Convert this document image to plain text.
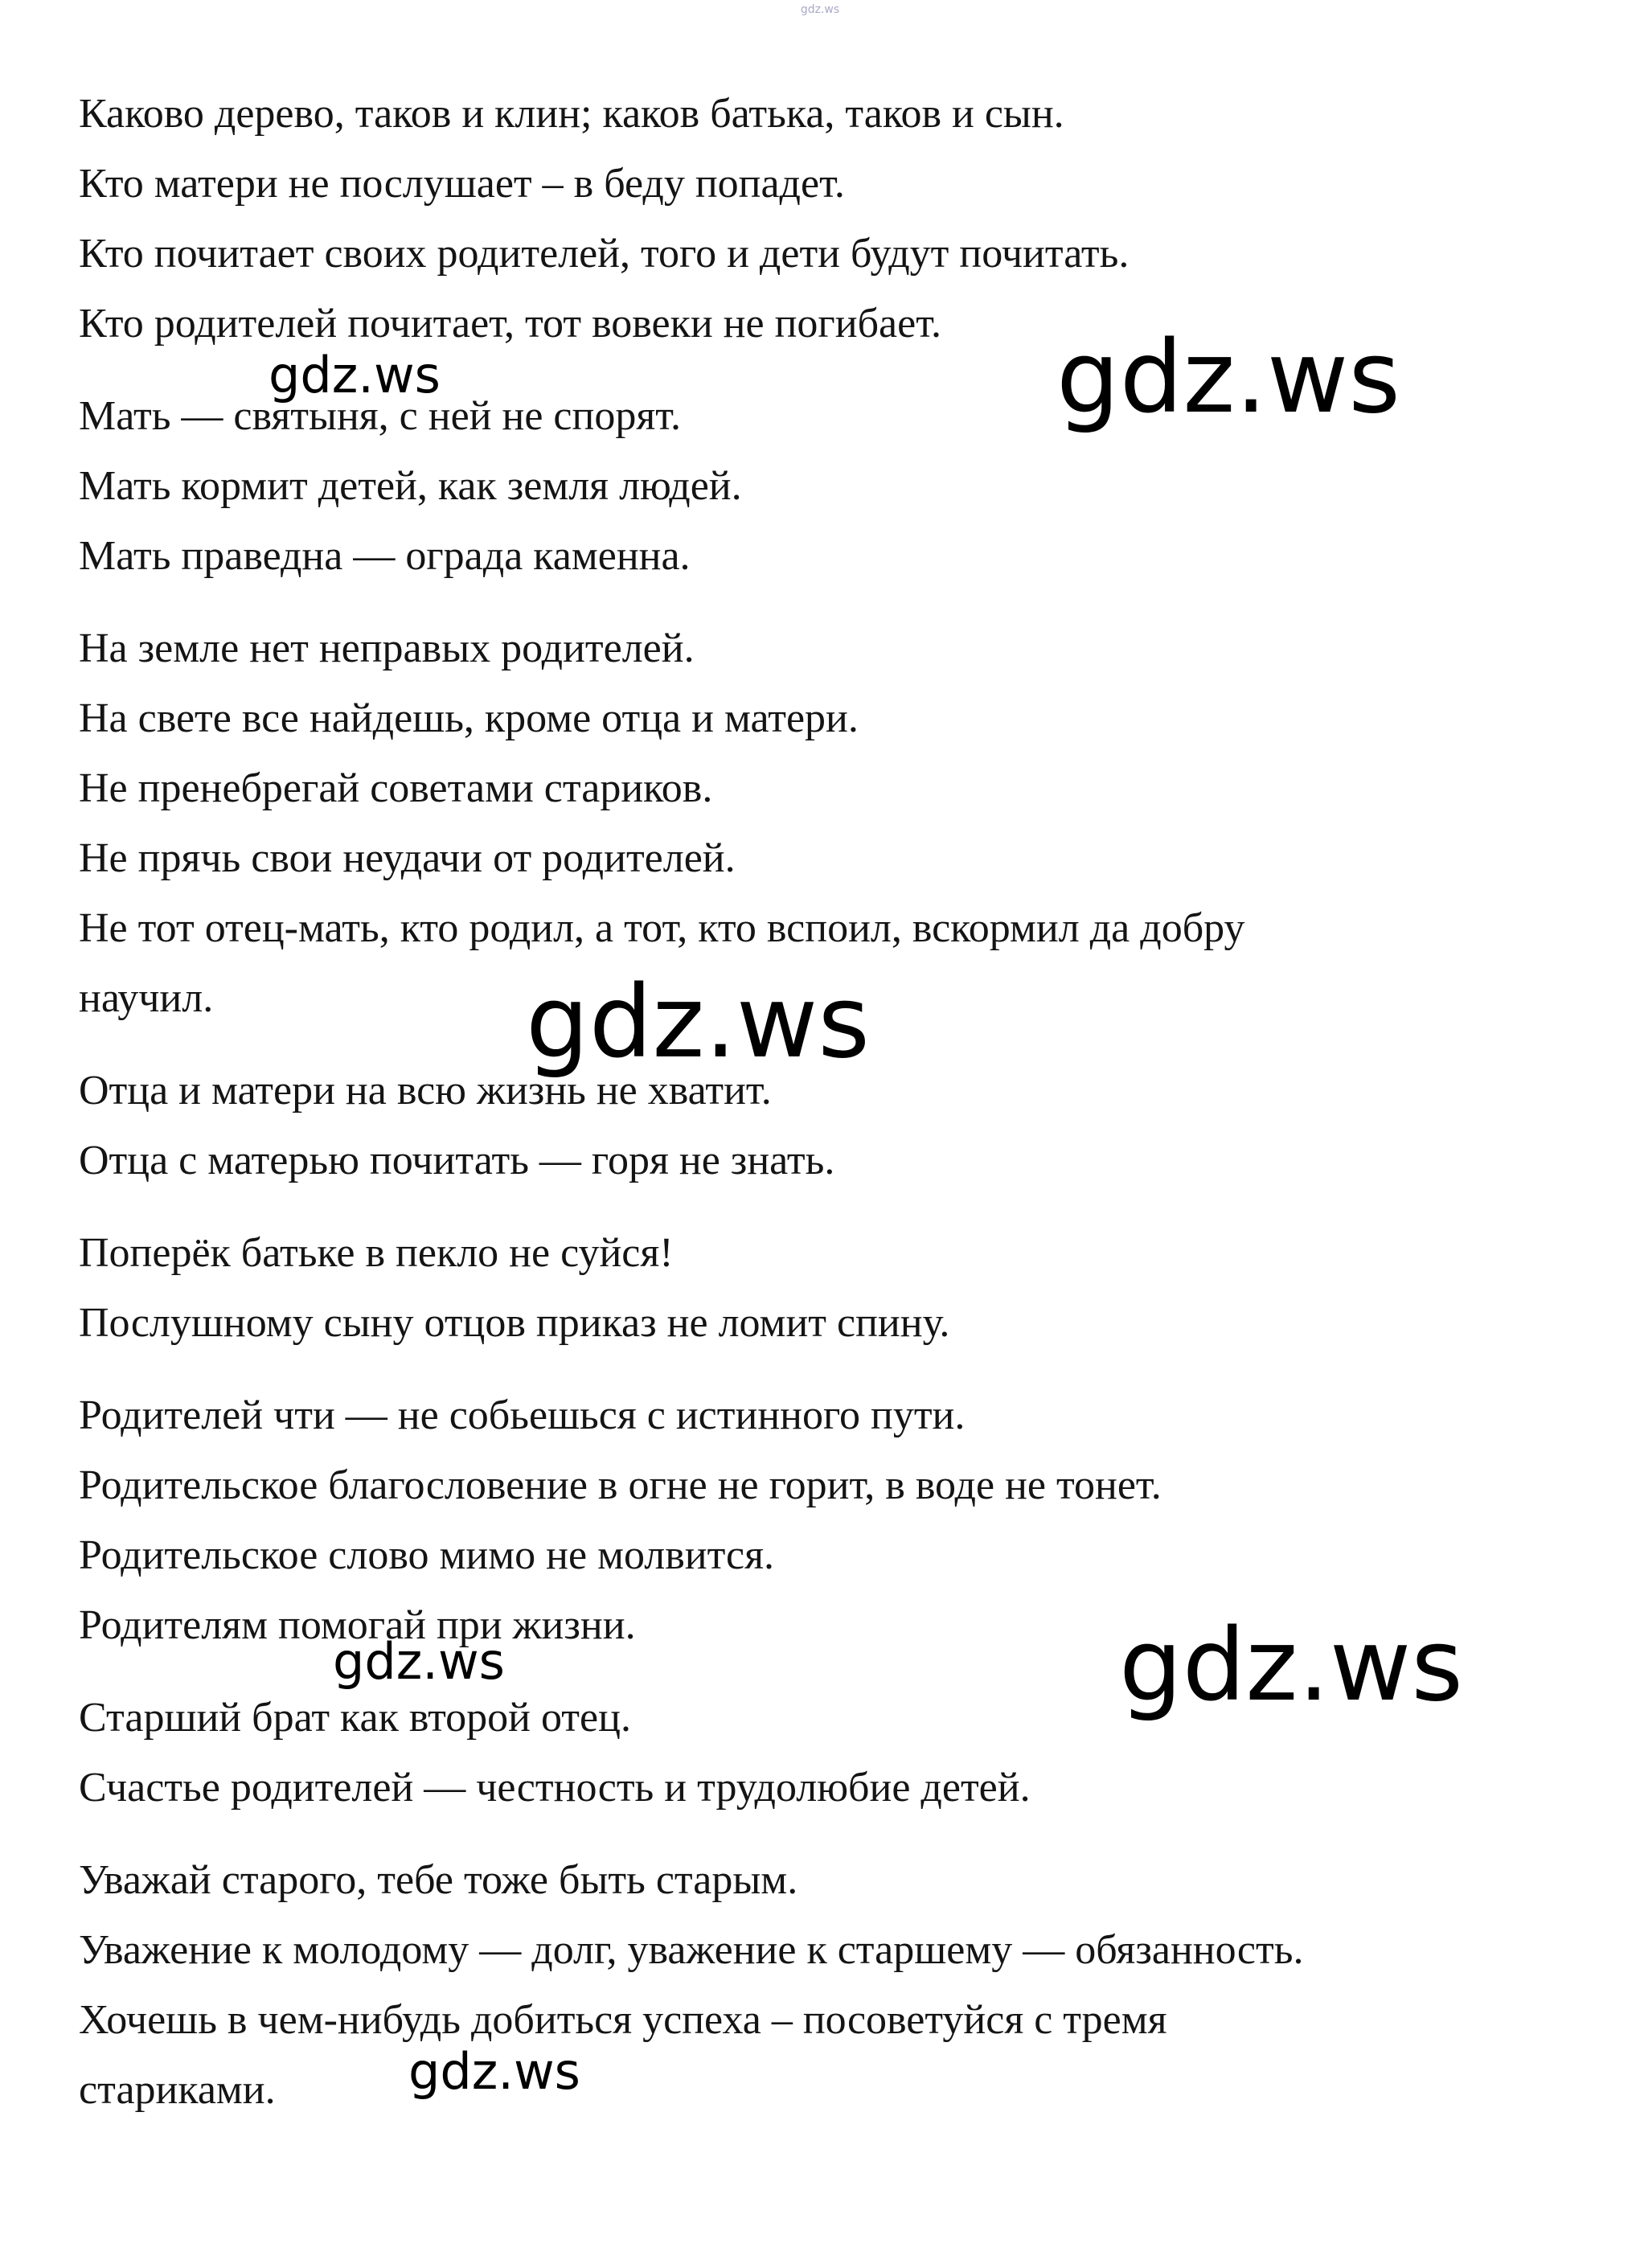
gdz.ws
Каково дерево, таков и клин; каков батька, таков и сын.
Кто матери не послушает – в беду попадет.
Кто почитает своих родителей, того и дети будут почитать.
Кто родителей почитает, тот вовеки не погибает.
Мать — святыня, с ней не спорят.
Мать кормит детей, как земля людей.
Мать праведна — ограда каменна.
На земле нет неправых родителей.
На свете все найдешь, кроме отца и матери.
Не пренебрегай советами стариков.
Не прячь свои неудачи от родителей.
Не тот отец-мать, кто родил, а тот, кто вспоил, вскормил да добру
научил.
Отца и матери на всю жизнь не хватит.
Отца с матерью почитать — горя не знать.
Поперёк батьке в пекло не суйся!
Послушному сыну отцов приказ не ломит спину.
Родителей чти — не собьешься с истинного пути.
Родительское благословение в огне не горит, в воде не тонет.
Родительское слово мимо не молвится.
Родителям помогай при жизни.
Старший брат как второй отец.
Счастье родителей — честность и трудолюбие детей.
Уважай старого, тебе тоже быть старым.
Уважение к молодому — долг, уважение к старшему — обязанность.
Хочешь в чем-нибудь добиться успеха – посоветуйся с тремя
стариками.
gdz.ws	gdz.ws
gdz.ws
gdz.ws	gdz.ws
gdz.ws
